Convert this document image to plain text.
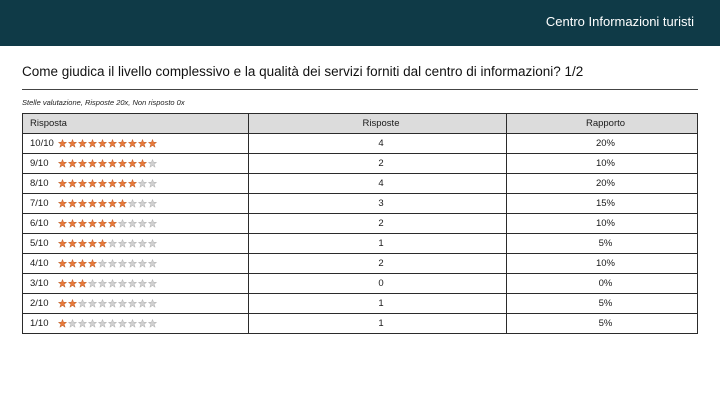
Centro Informazioni turisti
Come giudica il livello complessivo e la qualità dei servizi forniti dal centro di informazioni? 1/2
Stelle valutazione, Risposte 20x, Non risposto 0x
Risposta	Risposte	Rapporto
10/10	4	20%
9/10	2	10%
8/10	4	20%
7/10	3	15%
6/10	2	10%
5/10	1	5%
4/10	2	10%
3/10	0	0%
2/10	1	5%
1/10	1	5%
